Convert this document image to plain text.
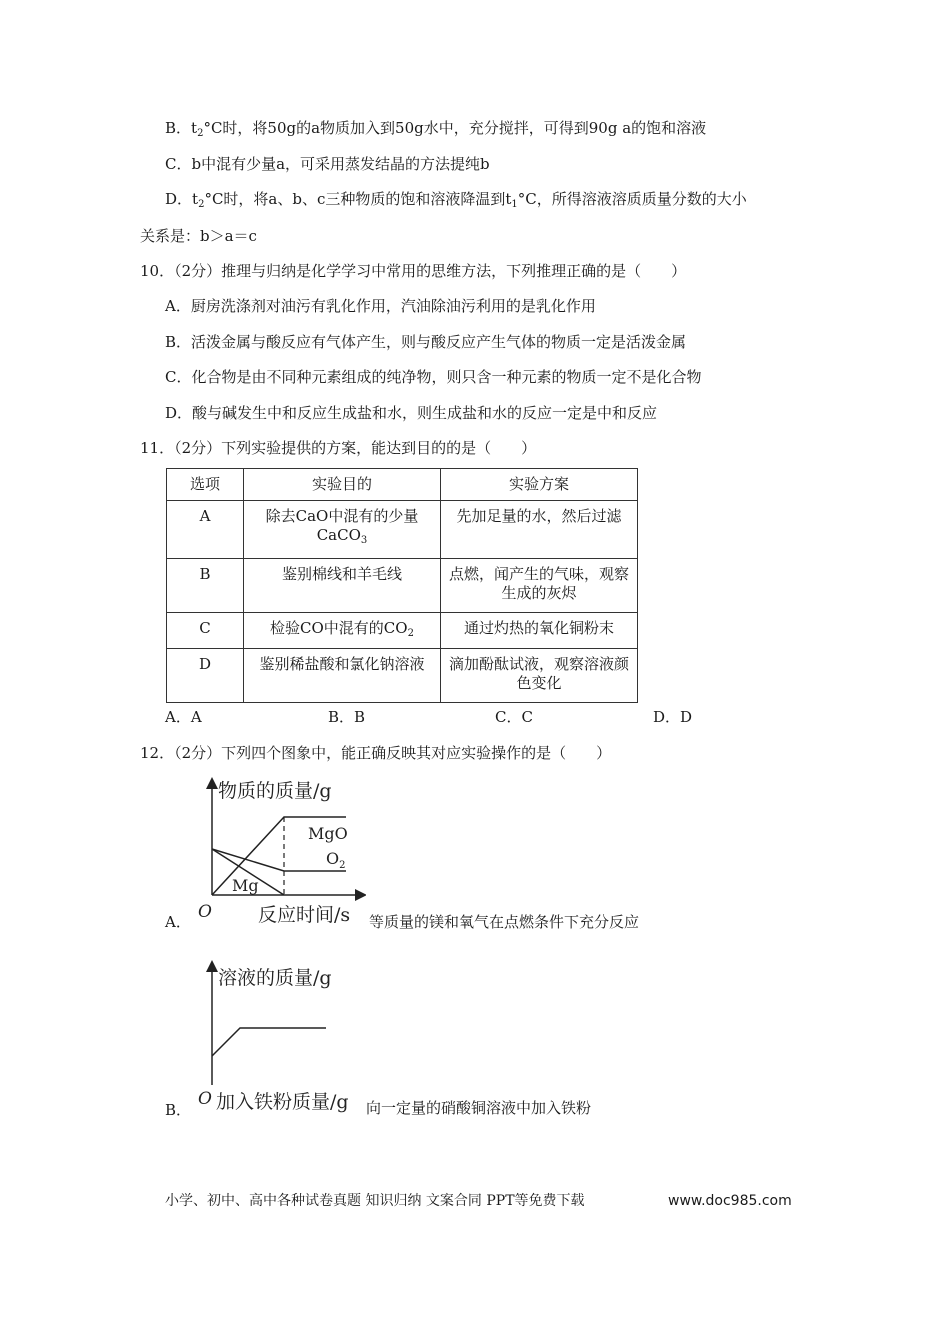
B．$t_2^\circ C$时，将50g的a物质加入到50g水中，充分搅拌，可得到90g a的饱和溶液
C．b中混有少量a，可采用蒸发结晶的方法提纯b
D．$t_2^\circ C$时，将a、b、c三种物质的饱和溶液降温到$t_1^\circ C$，所得溶液溶质质量分数的大小
关系是：b＞a＝c
10．（2分）推理与归纳是化学学习中常用的思维方法，下列推理正确的是（　　）
A．厨房洗涤剂对油污有乳化作用，汽油除油污利用的是乳化作用
B．活泼金属与酸反应有气体产生，则与酸反应产生气体的物质一定是活泼金属
C．化合物是由不同种元素组成的纯净物，则只含一种元素的物质一定不是化合物
D．酸与碱发生中和反应生成盐和水，则生成盐和水的反应一定是中和反应
11．（2分）下列实验提供的方案，能达到目的的是（　　）
选项	实验目的	实验方案
A	除去CaO中混有的少量CaCO$_3$	先加足量的水，然后过滤
B	鉴别棉线和羊毛线	点燃，闻产生的气味，观察生成的灰烬
C	检验CO中混有的$CO_2$	通过灼热的氧化铜粉末
D	鉴别稀盐酸和氯化钠溶液	滴加酚酞试液，观察溶液颜色变化
A．A	B．B	C．C	D．D
12．（2分）下列四个图象中，能正确反映其对应实验操作的是（　　）
物质的质量/g
O 反应时间/s
MgO
$O_2$
Mg
A．	等质量的镁和氧气在点燃条件下充分反应
溶液的质量/g
O 加入铁粉质量/g
B．	向一定量的硝酸铜溶液中加入铁粉
小学、初中、高中各种试卷真题 知识归纳 文案合同 PPT等免费下载	www.doc985.com
